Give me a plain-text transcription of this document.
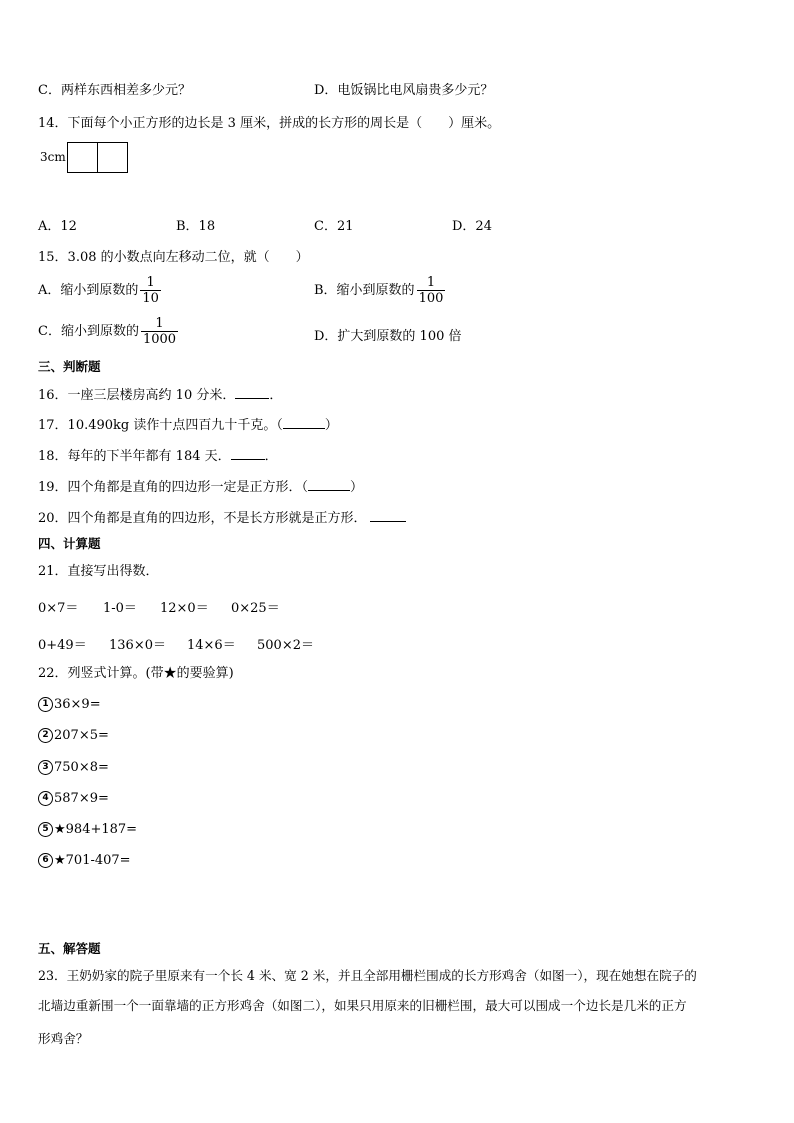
C．两样东西相差多少元？	D．电饭锅比电风扇贵多少元？
14．下面每个小正方形的边长是 3 厘米，拼成的长方形的周长是（　　）厘米。
3cm
A．12	B．18	C．21	D．24
15．3.08 的小数点向左移动二位，就（　　）
A．缩小到原数的 $\frac{1}{10}$	B．缩小到原数的 $\frac{1}{100}$
C．缩小到原数的 $\frac{1}{1000}$	D．扩大到原数的 100 倍
三、判断题
16．一座三层楼房高约 10 分米．	．
17．10.490kg 读作十点四百九十千克。（	）
18．每年的下半年都有 184 天．	．
19．四个角都是直角的四边形一定是正方形．（	）
20．四个角都是直角的四边形，不是长方形就是正方形．
四、计算题
21．直接写出得数．
0×7＝ 1-0＝ 12×0＝ 0×25＝
0+49＝ 136×0＝ 14×6＝ 500×2＝
22．列竖式计算。(带★的要验算)
1 36×9=
2 207×5=
3 750×8=
4 587×9=
5 ★984+187=
6 ★701-407=
五、解答题
23．王奶奶家的院子里原来有一个长 4 米、宽 2 米，并且全部用栅栏围成的长方形鸡舍（如图一），现在她想在院子的
北墙边重新围一个一面靠墙的正方形鸡舍（如图二），如果只用原来的旧栅栏围，最大可以围成一个边长是几米的正方
形鸡舍？
